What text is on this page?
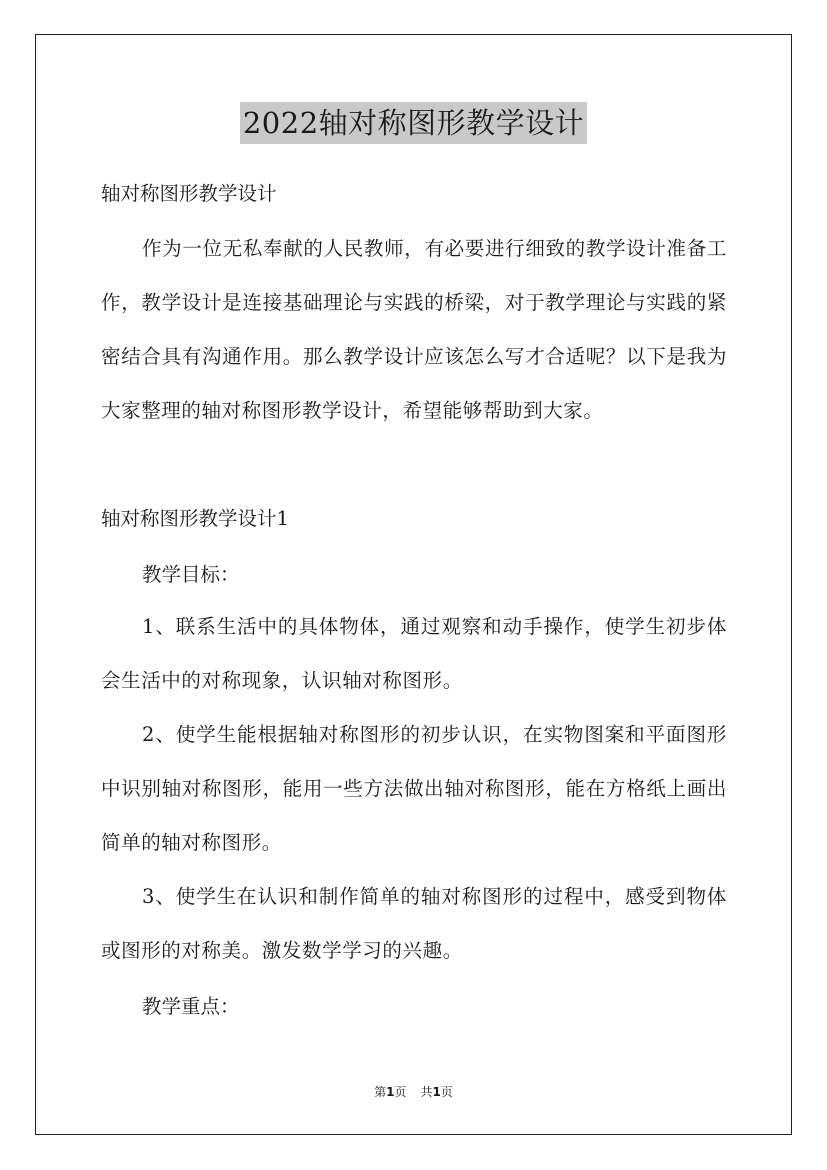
2022轴对称图形教学设计
轴对称图形教学设计
作为一位无私奉献的人民教师，有必要进行细致的教学设计准备工作，教学设计是连接基础理论与实践的桥梁，对于教学理论与实践的紧密结合具有沟通作用。那么教学设计应该怎么写才合适呢？以下是我为大家整理的轴对称图形教学设计，希望能够帮助到大家。
轴对称图形教学设计1
教学目标：
1、联系生活中的具体物体，通过观察和动手操作，使学生初步体会生活中的对称现象，认识轴对称图形。
2、使学生能根据轴对称图形的初步认识，在实物图案和平面图形中识别轴对称图形，能用一些方法做出轴对称图形，能在方格纸上画出简单的轴对称图形。
3、使学生在认识和制作简单的轴对称图形的过程中，感受到物体或图形的对称美。激发数学学习的兴趣。
教学重点：
第1页 共1页
